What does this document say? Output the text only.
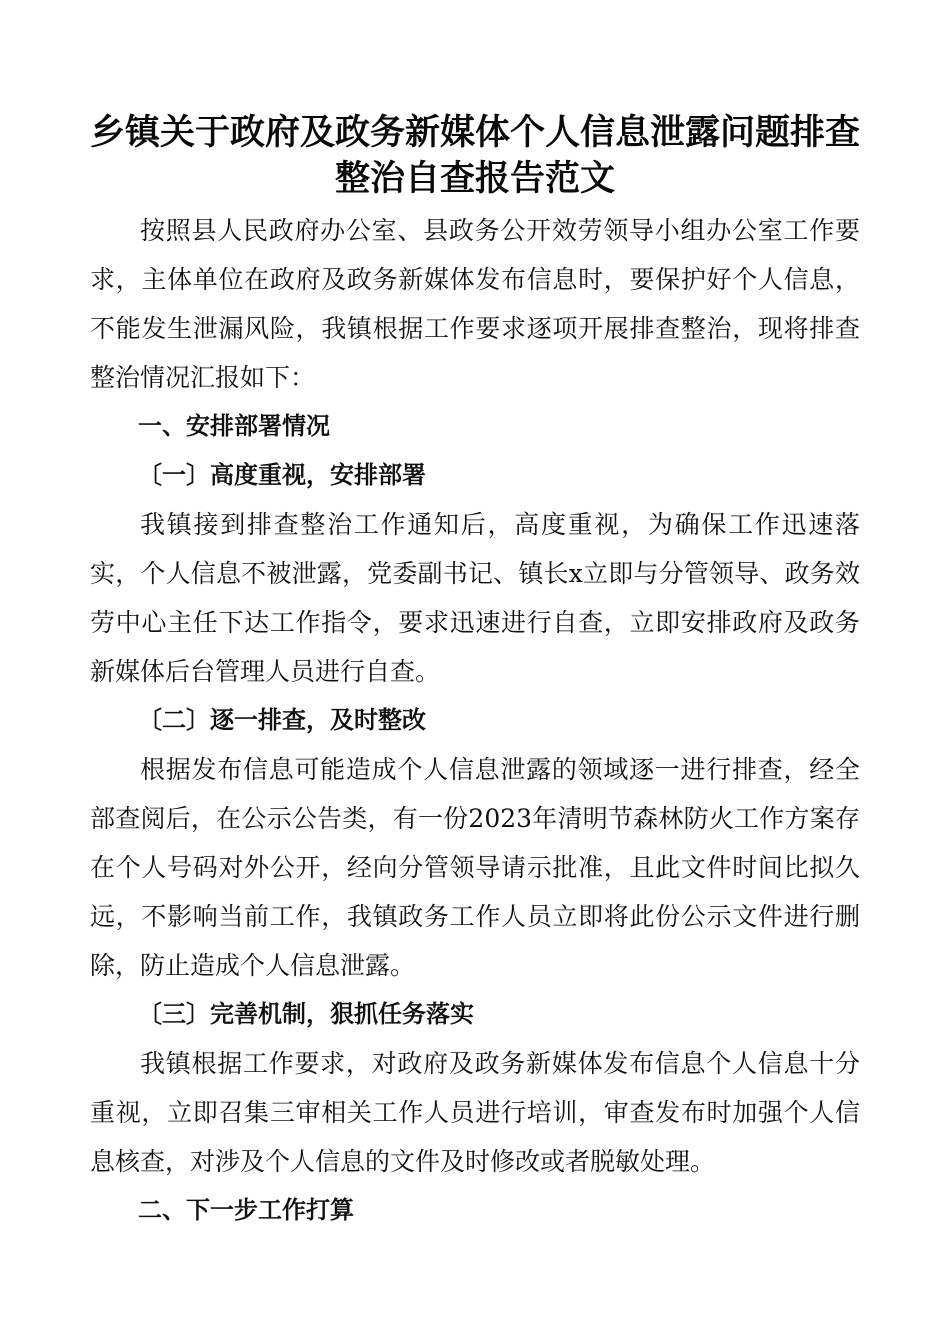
乡镇关于政府及政务新媒体个人信息泄露问题排查整治自查报告范文

按照县人民政府办公室、县政务公开效劳领导小组办公室工作要求，主体单位在政府及政务新媒体发布信息时，要保护好个人信息，不能发生泄漏风险，我镇根据工作要求逐项开展排查整治，现将排查整治情况汇报如下：

一、安排部署情况

〔一〕高度重视，安排部署

我镇接到排查整治工作通知后，高度重视，为确保工作迅速落实，个人信息不被泄露，党委副书记、镇长x立即与分管领导、政务效劳中心主任下达工作指令，要求迅速进行自查，立即安排政府及政务新媒体后台管理人员进行自查。

〔二〕逐一排查，及时整改

根据发布信息可能造成个人信息泄露的领域逐一进行排查，经全部查阅后，在公示公告类，有一份2023年清明节森林防火工作方案存在个人号码对外公开，经向分管领导请示批准，且此文件时间比拟久远，不影响当前工作，我镇政务工作人员立即将此份公示文件进行删除，防止造成个人信息泄露。

〔三〕完善机制，狠抓任务落实

我镇根据工作要求，对政府及政务新媒体发布信息个人信息十分重视，立即召集三审相关工作人员进行培训，审查发布时加强个人信息核查，对涉及个人信息的文件及时修改或者脱敏处理。

二、下一步工作打算
